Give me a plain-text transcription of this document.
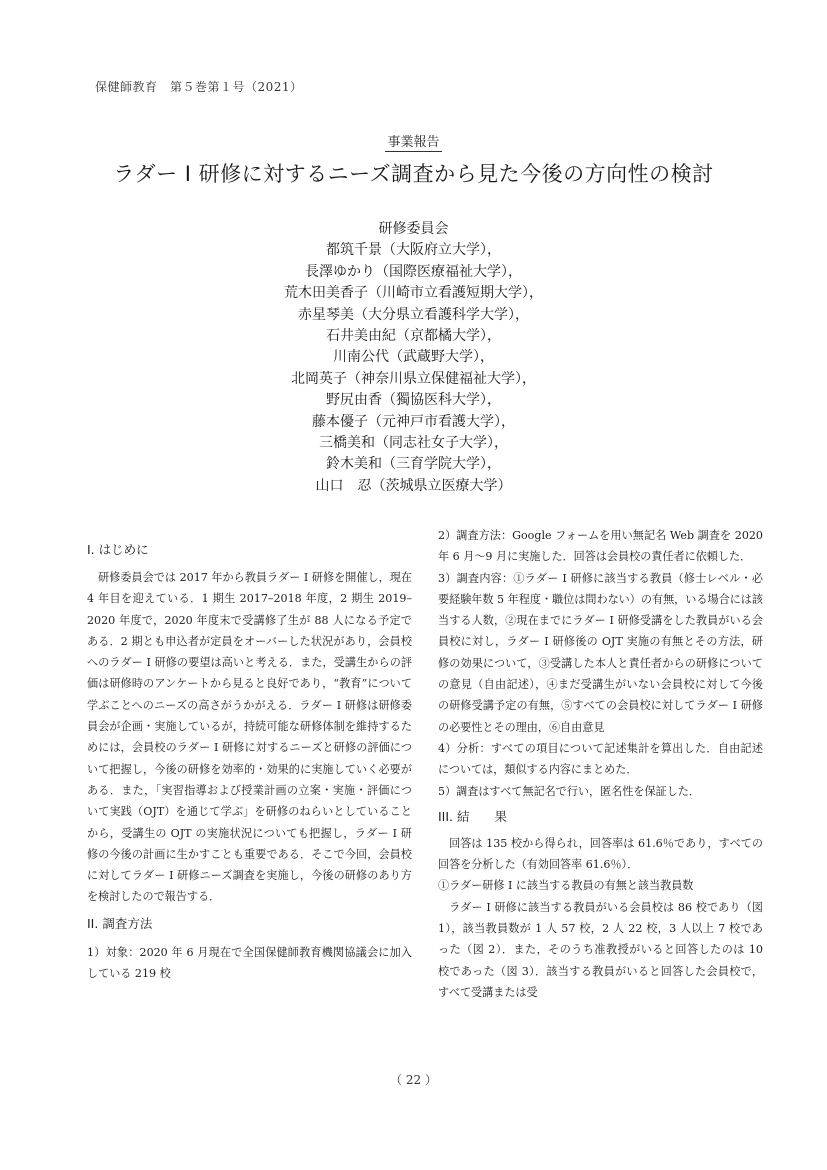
保健師教育　第５巻第１号（2021）
事業報告
ラダー I 研修に対するニーズ調査から見た今後の方向性の検討
研修委員会
都筑千景（大阪府立大学），
長澤ゆかり（国際医療福祉大学），
荒木田美香子（川崎市立看護短期大学），
赤星琴美（大分県立看護科学大学），
石井美由紀（京都橘大学），
川南公代（武蔵野大学），
北岡英子（神奈川県立保健福祉大学），
野尻由香（獨協医科大学），
藤本優子（元神戸市看護大学），
三橋美和（同志社女子大学），
鈴木美和（三育学院大学），
山口　忍（茨城県立医療大学）

I. はじめに

研修委員会では 2017 年から教員ラダー I 研修を開催し，現在 4 年目を迎えている．1 期生 2017–2018 年度，2 期生 2019–2020 年度で，2020 年度末で受講修了生が 88 人になる予定である．2 期とも申込者が定員をオーバーした状況があり，会員校へのラダー I 研修の要望は高いと考える．また，受講生からの評価は研修時のアンケートから見ると良好であり，“教育”について学ぶことへのニーズの高さがうかがえる．ラダー I 研修は研修委員会が企画・実施しているが，持続可能な研修体制を維持するためには，会員校のラダー I 研修に対するニーズと研修の評価について把握し，今後の研修を効率的・効果的に実施していく必要がある．また，「実習指導および授業計画の立案・実施・評価について実践（OJT）を通じて学ぶ」を研修のねらいとしていることから，受講生の OJT の実施状況についても把握し，ラダー I 研修の今後の計画に生かすことも重要である．そこで今回，会員校に対してラダー I 研修ニーズ調査を実施し，今後の研修のあり方を検討したので報告する．

II. 調査方法

1）対象：2020 年 6 月現在で全国保健師教育機関協議会に加入している 219 校

2）調査方法：Google フォームを用い無記名 Web 調査を 2020 年 6 月〜9 月に実施した．回答は会員校の責任者に依頼した．

3）調査内容：①ラダー I 研修に該当する教員（修士レベル・必要経験年数 5 年程度・職位は問わない）の有無，いる場合には該当する人数，②現在までにラダー I 研修受講をした教員がいる会員校に対し，ラダー I 研修後の OJT 実施の有無とその方法，研修の効果について，③受講した本人と責任者からの研修についての意見（自由記述），④まだ受講生がいない会員校に対して今後の研修受講予定の有無，⑤すべての会員校に対してラダー I 研修の必要性とその理由，⑥自由意見

4）分析：すべての項目について記述集計を算出した．自由記述については，類似する内容にまとめた．

5）調査はすべて無記名で行い，匿名性を保証した．

III. 結　　果

回答は 135 校から得られ，回答率は 61.6％であり，すべての回答を分析した（有効回答率 61.6％）．

①ラダー研修 I に該当する教員の有無と該当教員数

ラダー I 研修に該当する教員がいる会員校は 86 校であり（図 1），該当教員数が 1 人 57 校，2 人 22 校，3 人以上 7 校であった（図 2）．また，そのうち准教授がいると回答したのは 10 校であった（図 3）．該当する教員がいると回答した会員校で，すべて受講または受

（ 22 ）
